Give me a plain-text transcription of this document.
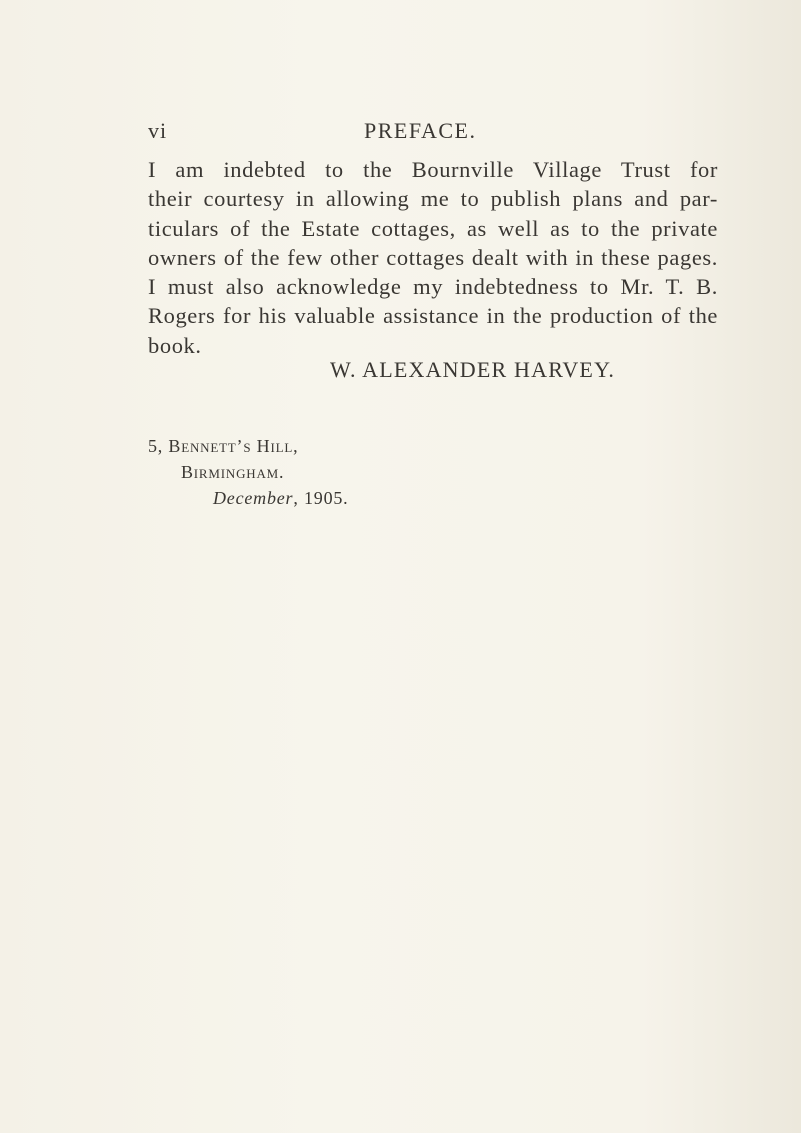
vi	PREFACE.
I am indebted to the Bournville Village Trust for
their courtesy in allowing me to publish plans and par-
ticulars of the Estate cottages, as well as to the private
owners of the few other cottages dealt with in these pages.
I must also acknowledge my indebtedness to Mr. T. B.
Rogers for his valuable assistance in the production of the
book.
W. ALEXANDER HARVEY.
5, Bennett’s Hill,
Birmingham.
December, 1905.
